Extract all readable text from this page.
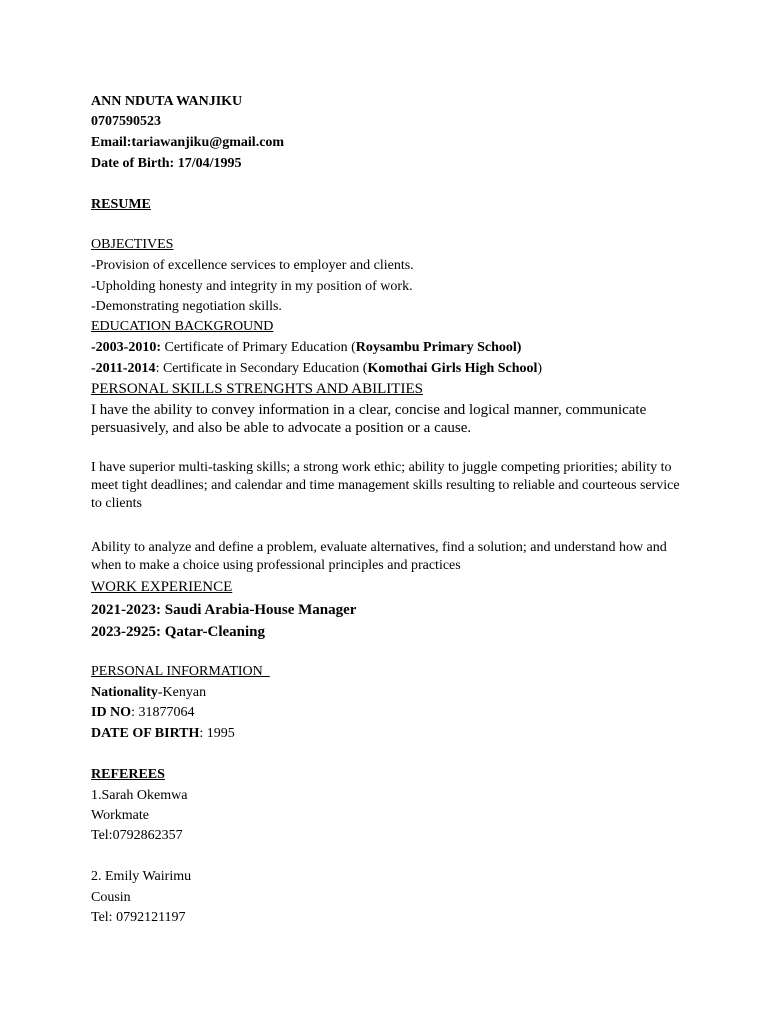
ANN NDUTA WANJIKU
0707590523
Email:tariawanjiku@gmail.com
Date of Birth: 17/04/1995
RESUME
OBJECTIVES
-Provision of excellence services to employer and clients.
-Upholding honesty and integrity in my position of work.
-Demonstrating negotiation skills.
EDUCATION BACKGROUND
-2003-2010: Certificate of Primary Education (Roysambu Primary School)
-2011-2014: Certificate in Secondary Education (Komothai Girls High School)
PERSONAL SKILLS STRENGHTS AND ABILITIES
I have the ability to convey information in a clear, concise and logical manner, communicate persuasively, and also be able to advocate a position or a cause.
I have superior multi-tasking skills; a strong work ethic; ability to juggle competing priorities; ability to meet tight deadlines; and calendar and time management skills resulting to reliable and courteous service to clients
Ability to analyze and define a problem, evaluate alternatives, find a solution; and understand how and when to make a choice using professional principles and practices
WORK EXPERIENCE
2021-2023: Saudi Arabia-House Manager
2023-2925: Qatar-Cleaning
PERSONAL INFORMATION
Nationality-Kenyan
ID NO: 31877064
DATE OF BIRTH: 1995
REFEREES
1.Sarah Okemwa
Workmate
Tel:0792862357
2. Emily Wairimu
Cousin
Tel: 0792121197
